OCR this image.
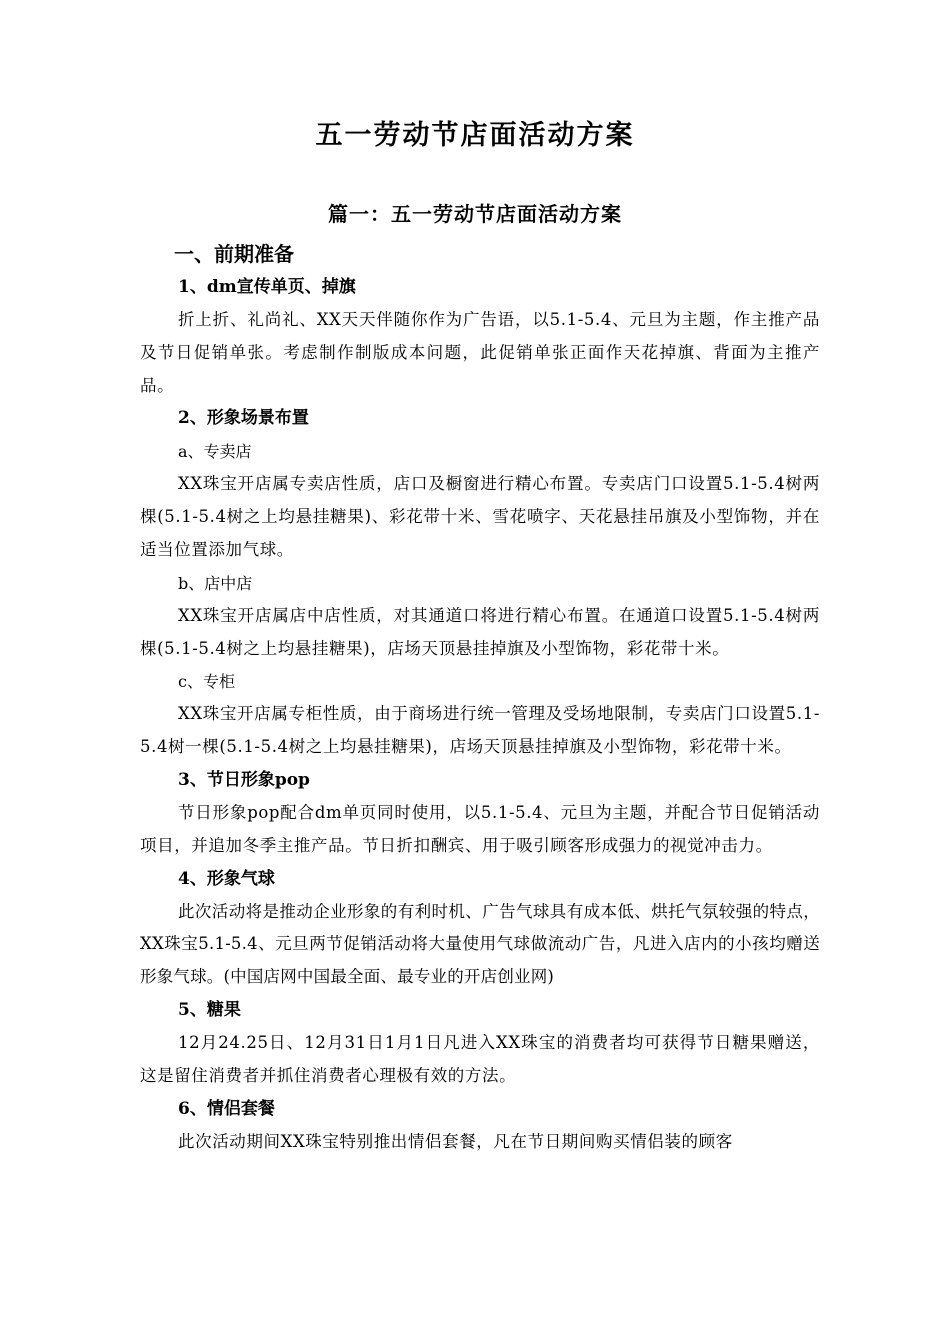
五一劳动节店面活动方案
篇一：五一劳动节店面活动方案
一、前期准备
1、dm宣传单页、掉旗
折上折、礼尚礼、XX天天伴随你作为广告语，以5.1-5.4、元旦为主题，作主推产品及节日促销单张。考虑制作制版成本问题，此促销单张正面作天花掉旗、背面为主推产品。
2、形象场景布置
a、专卖店
XX珠宝开店属专卖店性质，店口及橱窗进行精心布置。专卖店门口设置5.1-5.4树两棵(5.1-5.4树之上均悬挂糖果)、彩花带十米、雪花喷字、天花悬挂吊旗及小型饰物，并在适当位置添加气球。
b、店中店
XX珠宝开店属店中店性质，对其通道口将进行精心布置。在通道口设置5.1-5.4树两棵(5.1-5.4树之上均悬挂糖果)，店场天顶悬挂掉旗及小型饰物，彩花带十米。
c、专柜
XX珠宝开店属专柜性质，由于商场进行统一管理及受场地限制，专卖店门口设置5.1-5.4树一棵(5.1-5.4树之上均悬挂糖果)，店场天顶悬挂掉旗及小型饰物，彩花带十米。
3、节日形象pop
节日形象pop配合dm单页同时使用，以5.1-5.4、元旦为主题，并配合节日促销活动项目，并追加冬季主推产品。节日折扣酬宾、用于吸引顾客形成强力的视觉冲击力。
4、形象气球
此次活动将是推动企业形象的有利时机、广告气球具有成本低、烘托气氛较强的特点，XX珠宝5.1-5.4、元旦两节促销活动将大量使用气球做流动广告，凡进入店内的小孩均赠送形象气球。(中国店网中国最全面、最专业的开店创业网)
5、糖果
12月24.25日、12月31日1月1日凡进入XX珠宝的消费者均可获得节日糖果赠送，这是留住消费者并抓住消费者心理极有效的方法。
6、情侣套餐
此次活动期间XX珠宝特别推出情侣套餐，凡在节日期间购买情侣装的顾客
